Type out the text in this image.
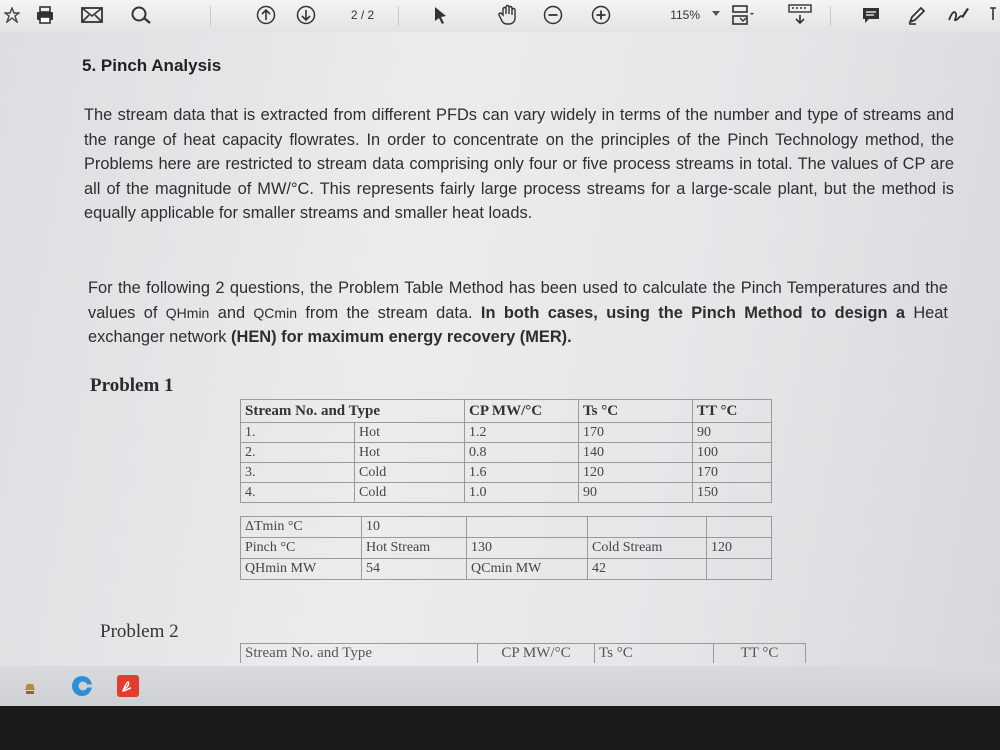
2 / 2	115%
5. Pinch Analysis
The stream data that is extracted from different PFDs can vary widely in terms of the number and type of streams and the range of heat capacity flowrates. In order to concentrate on the principles of the Pinch Technology method, the Problems here are restricted to stream data comprising only four or five process streams in total. The values of CP are all of the magnitude of MW/°C. This represents fairly large process streams for a large-scale plant, but the method is equally applicable for smaller streams and smaller heat loads.
For the following 2 questions, the Problem Table Method has been used to calculate the Pinch Temperatures and the values of QHmin and QCmin from the stream data. In both cases, using the Pinch Method to design a Heat exchanger network (HEN) for maximum energy recovery (MER).
Problem 1
Stream No. and Type		CP MW/°C	Ts °C	TT °C
1.	Hot	1.2	170	90
2.	Hot	0.8	140	100
3.	Cold	1.6	120	170
4.	Cold	1.0	90	150
ΔTmin °C	10			
Pinch °C	Hot Stream	130	Cold Stream	120
QHmin MW	54	QCmin MW	42	
Problem 2
Stream No. and Type	CP MW/°C	Ts °C	TT °C
